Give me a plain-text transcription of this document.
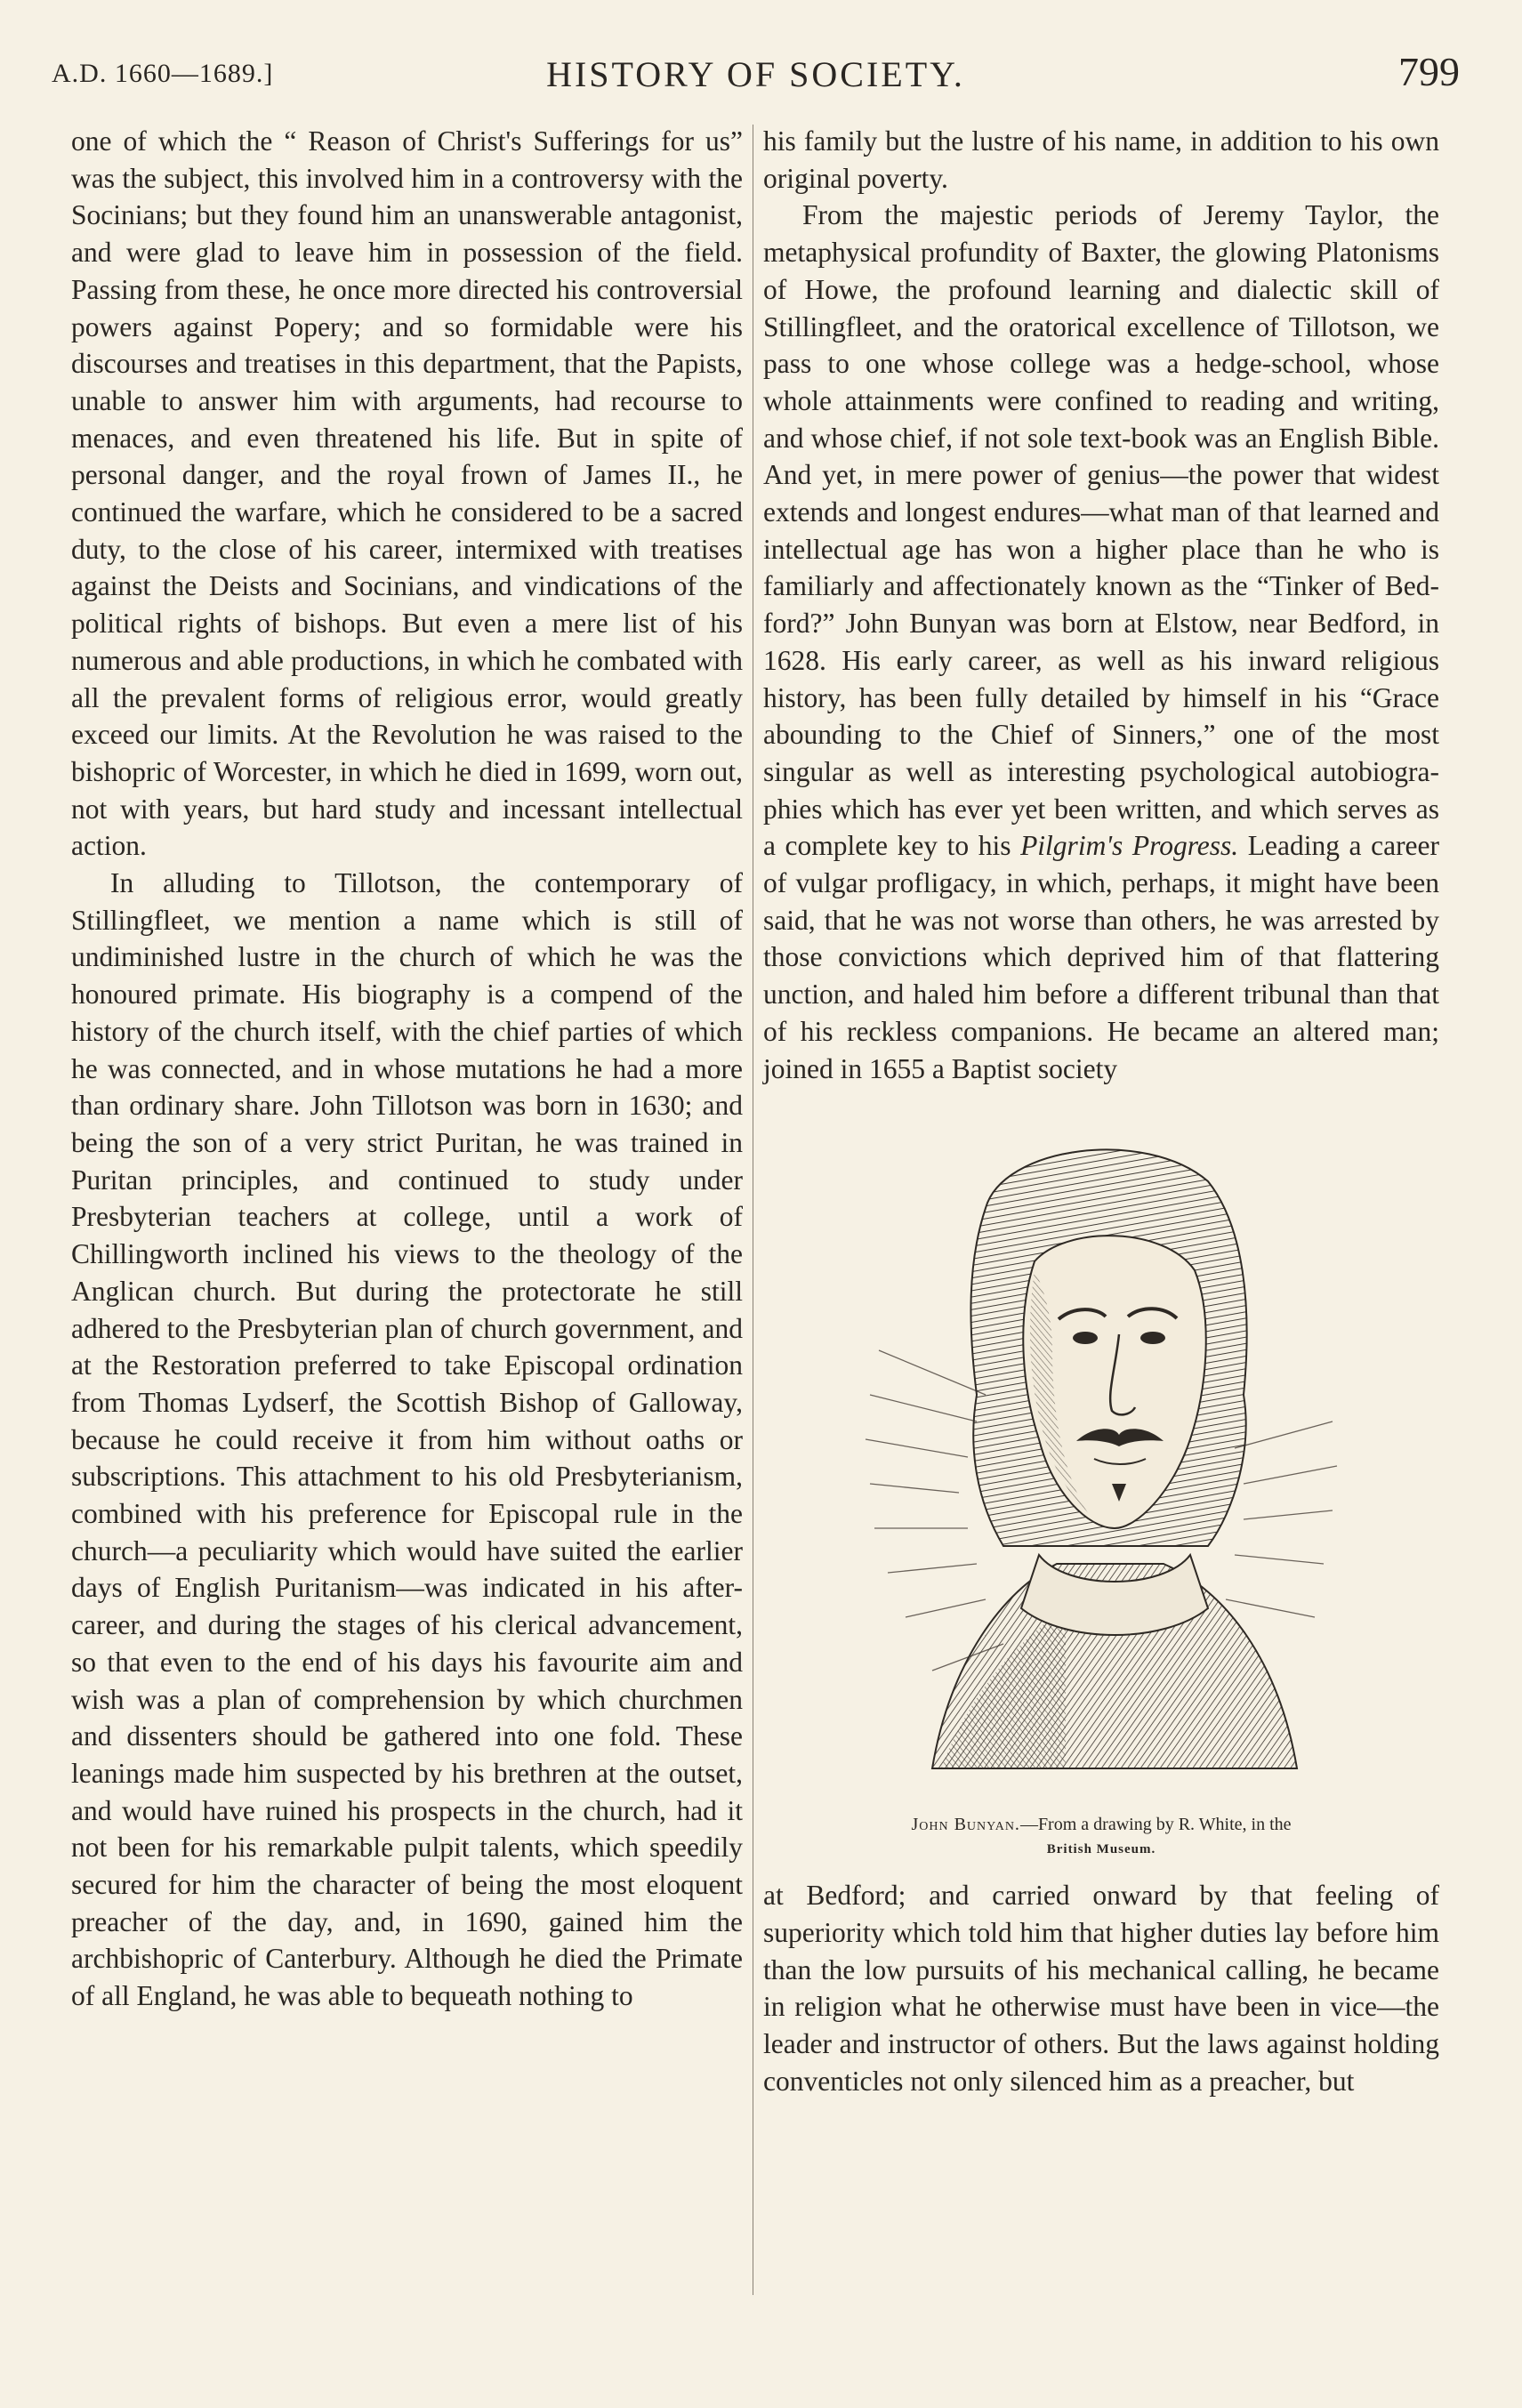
A.D. 1660—1689.]	HISTORY OF SOCIETY.	799

one of which the “ Reason of Christ's Sufferings for us” was the subject, this involved him in a controversy with the Socinians; but they found him an unanswerable antagonist, and were glad to leave him in possession of the field. Passing from these, he once more directed his controversial powers against Popery; and so formidable were his discourses and treatises in this department, that the Papists, unable to answer him with arguments, had recourse to menaces, and even threatened his life. But in spite of personal danger, and the royal frown of James II., he continued the warfare, which he considered to be a sacred duty, to the close of his career, intermixed with treatises against the Deists and Socinians, and vindications of the political rights of bishops. But even a mere list of his numerous and able productions, in which he combated with all the prevalent forms of religious error, would greatly exceed our limits. At the Revolution he was raised to the bishopric of Worcester, in which he died in 1699, worn out, not with years, but hard study and incessant intellectual action.

In alluding to Tillotson, the contemporary of Stillingfleet, we mention a name which is still of undiminished lustre in the church of which he was the honoured primate. His biography is a compend of the history of the church itself, with the chief parties of which he was connected, and in whose mutations he had a more than ordinary share. John Tillotson was born in 1630; and being the son of a very strict Puritan, he was trained in Puritan principles, and continued to study under Presbyterian teachers at college, until a work of Chillingworth inclined his views to the theology of the Anglican church. But during the protectorate he still adhered to the Presbyterian plan of church government, and at the Restoration preferred to take Episcopal ordination from Thomas Lydserf, the Scottish Bishop of Galloway, because he could receive it from him without oaths or subscriptions. This attachment to his old Presbyterianism, combined with his preference for Episcopal rule in the church—a peculiarity which would have suited the earlier days of English Puritanism—was indicated in his after-career, and during the stages of his clerical advancement, so that even to the end of his days his favourite aim and wish was a plan of comprehension by which churchmen and dissenters should be gathered into one fold. These leanings made him suspected by his brethren at the outset, and would have ruined his prospects in the church, had it not been for his remarkable pulpit talents, which speedily secured for him the character of being the most eloquent preacher of the day, and, in 1690, gained him the archbishopric of Canterbury. Although he died the Primate of all England, he was able to bequeath nothing to

his family but the lustre of his name, in addition to his own original poverty.

From the majestic periods of Jeremy Taylor, the metaphysical profundity of Baxter, the glowing Platonisms of Howe, the profound learning and dialectic skill of Stillingfleet, and the oratorical excellence of Tillotson, we pass to one whose college was a hedge-school, whose whole attainments were confined to reading and writing, and whose chief, if not sole text-book was an English Bible. And yet, in mere power of genius—the power that widest extends and longest endures—what man of that learned and intellectual age has won a higher place than he who is familiarly and affectionately known as the “Tinker of Bedford?” John Bunyan was born at Elstow, near Bedford, in 1628. His early career, as well as his inward religious history, has been fully detailed by himself in his “Grace abounding to the Chief of Sinners,” one of the most singular as well as interesting psychological autobiographies which has ever yet been written, and which serves as a complete key to his Pilgrim's Progress. Leading a career of vulgar profligacy, in which, perhaps, it might have been said, that he was not worse than others, he was arrested by those convictions which deprived him of that flattering unction, and haled him before a different tribunal than that of his reckless companions. He became an altered man; joined in 1655 a Baptist society

John Bunyan.—From a drawing by R. White, in the
British Museum.

at Bedford; and carried onward by that feeling of superiority which told him that higher duties lay before him than the low pursuits of his mechanical calling, he became in religion what he otherwise must have been in vice—the leader and instructor of others. But the laws against holding conventicles not only silenced him as a preacher, but
